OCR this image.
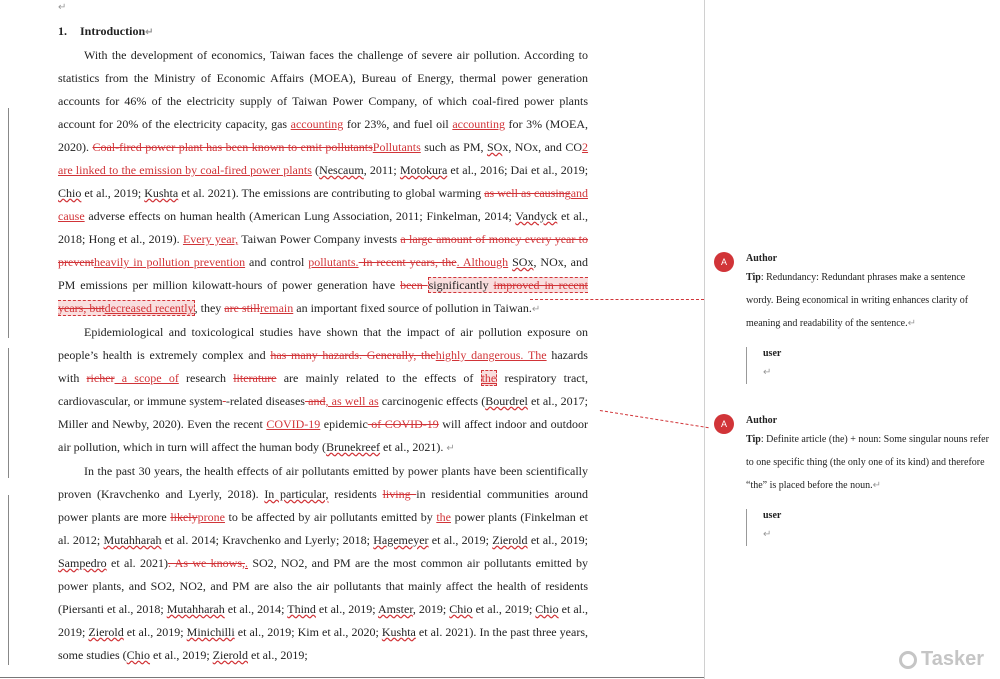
↵

1. Introduction↵

With the development of economics, Taiwan faces the challenge of severe air pollution. According to statistics from the Ministry of Economic Affairs (MOEA), Bureau of Energy, thermal power generation accounts for 46% of the electricity supply of Taiwan Power Company, of which coal-fired power plants account for 20% of the electricity capacity, gas accounting for 23%, and fuel oil accounting for 3% (MOEA, 2020). Coal-fired power plant has been known to emit pollutantsPollutants such as PM, SOx, NOx, and CO2 are linked to the emission by coal-fired power plants (Nescaum, 2011; Motokura et al., 2016; Dai et al., 2019; Chio et al., 2019; Kushta et al. 2021). The emissions are contributing to global warming as well as causingand cause adverse effects on human health (American Lung Association, 2011; Finkelman, 2014; Vandyck et al., 2018; Hong et al., 2019). Every year, Taiwan Power Company invests a large amount of money every year to preventheavily in pollution prevention and control pollutants. In recent years, the. Although SOx, NOx, and PM emissions per million kilowatt-hours of power generation have been significantly improved in recent years, butdecreased recently, they are stillremain an important fixed source of pollution in Taiwan.↵

Epidemiological and toxicological studies have shown that the impact of air pollution exposure on people’s health is extremely complex and has many hazards. Generally, thehighly dangerous. The hazards with richer a scope of research literature are mainly related to the effects of the respiratory tract, cardiovascular, or immune system -related diseases and, as well as carcinogenic effects (Bourdrel et al., 2017; Miller and Newby, 2020). Even the recent COVID-19 epidemic of COVID-19 will affect indoor and outdoor air pollution, which in turn will affect the human body (Brunekreef et al., 2021). ↵

In the past 30 years, the health effects of air pollutants emitted by power plants have been scientifically proven (Kravchenko and Lyerly, 2018). In particular, residents living in residential communities around power plants are more likelyprone to be affected by air pollutants emitted by the power plants (Finkelman et al. 2012; Mutahharah et al. 2014; Kravchenko and Lyerly; 2018; Hagemeyer et al., 2019; Zierold et al., 2019; Sampedro et al. 2021). As we knows,. SO2, NO2, and PM are the most common air pollutants emitted by power plants, and SO2, NO2, and PM are also the air pollutants that mainly affect the health of residents (Piersanti et al., 2018; Mutahharah et al., 2014; Thind et al., 2019; Amster, 2019; Chio et al., 2019; Chio et al., 2019; Zierold et al., 2019; Minichilli et al., 2019; Kim et al., 2020; Kushta et al. 2021). In the past three years, some studies (Chio et al., 2019; Zierold et al., 2019;

A	Author
Tip: Redundancy: Redundant phrases make a sentence wordy. Being economical in writing enhances clarity of meaning and readability of the sentence.↵
user
↵
A	Author
Tip: Definite article (the) + noun: Some singular nouns refer to one specific thing (the only one of its kind) and therefore “the” is placed before the noun.↵
user
↵
Tasker
